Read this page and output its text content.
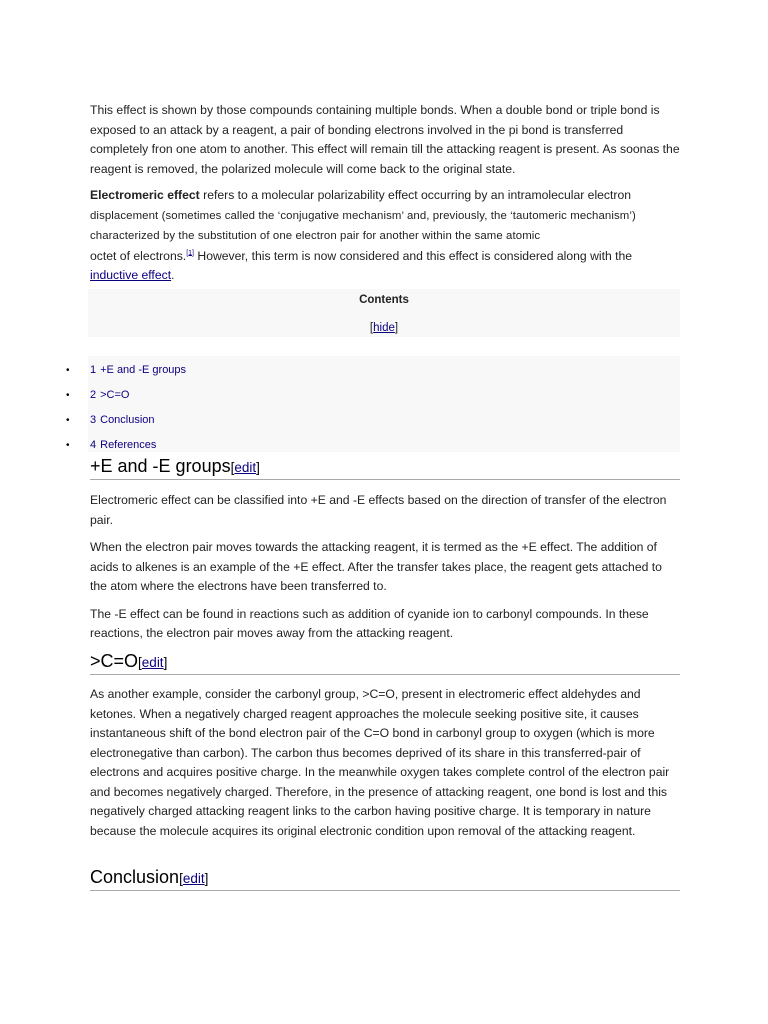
This effect is shown by those compounds containing multiple bonds. When a double bond or triple bond is exposed to an attack by a reagent, a pair of bonding electrons involved in the pi bond is transferred completely fron one atom to another. This effect will remain till the attacking reagent is present. As soonas the reagent is removed, the polarized molecule will come back to the original state.

Electromeric effect refers to a molecular polarizability effect occurring by an intramolecular electron displacement (sometimes called the ‘conjugative mechanism’ and, previously, the ‘tautomeric mechanism’) characterized by the substitution of one electron pair for another within the same atomic
octet of electrons.[1] However, this term is now considered and this effect is considered along with the inductive effect.

Contents
[hide]
1 +E and -E groups
2 >C=O
3 Conclusion
4 References
•
•
•
•
+E and -E groups[edit]

Electromeric effect can be classified into +E and -E effects based on the direction of transfer of the electron pair.

When the electron pair moves towards the attacking reagent, it is termed as the +E effect. The addition of acids to alkenes is an example of the +E effect. After the transfer takes place, the reagent gets attached to the atom where the electrons have been transferred to.

The -E effect can be found in reactions such as addition of cyanide ion to carbonyl compounds. In these reactions, the electron pair moves away from the attacking reagent.

>C=O[edit]

As another example, consider the carbonyl group, >C=O, present in electromeric effect aldehydes and ketones. When a negatively charged reagent approaches the molecule seeking positive site, it causes instantaneous shift of the bond electron pair of the C=O bond in carbonyl group to oxygen (which is more electronegative than carbon). The carbon thus becomes deprived of its share in this transferred-pair of electrons and acquires positive charge. In the meanwhile oxygen takes complete control of the electron pair and becomes negatively charged. Therefore, in the presence of attacking reagent, one bond is lost and this negatively charged attacking reagent links to the carbon having positive charge. It is temporary in nature because the molecule acquires its original electronic condition upon removal of the attacking reagent.

Conclusion[edit]
